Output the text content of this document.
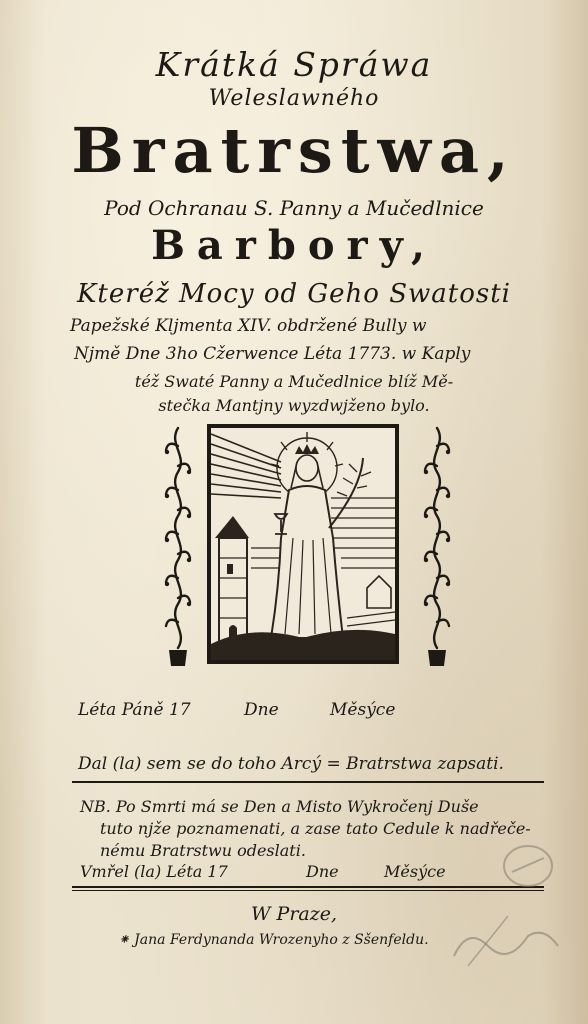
Krátká Spráwa
Weleslawného
Bratrstwa,
Pod Ochranau S. Panny a Mučedlnice
Barbory,
Kteréž Mocy od Geho Swatosti
Papežské Kljmenta XIV. obdržené Bully w
Njmě Dne 3ho Cžerwence Léta 1773. w Kaply
též Swaté Panny a Mučedlnice blíž Mě-
stečka Mantjny wyzdwjženo bylo.
Léta Páně 17	Dne	Měsýce
Dal (la) sem se do toho Arcý = Bratrstwa zapsati.
NB. Po Smrti má se Den a Misto Wykročenj Duše
tuto njže poznamenati, a zase tato Cedule k nadřeče-
nému Bratrstwu odeslati.
Vmřel (la) Léta 17	Dne	Měsýce
W Praze,
⁕ Jana Ferdynanda Wrozenyho z Sšenfeldu.
